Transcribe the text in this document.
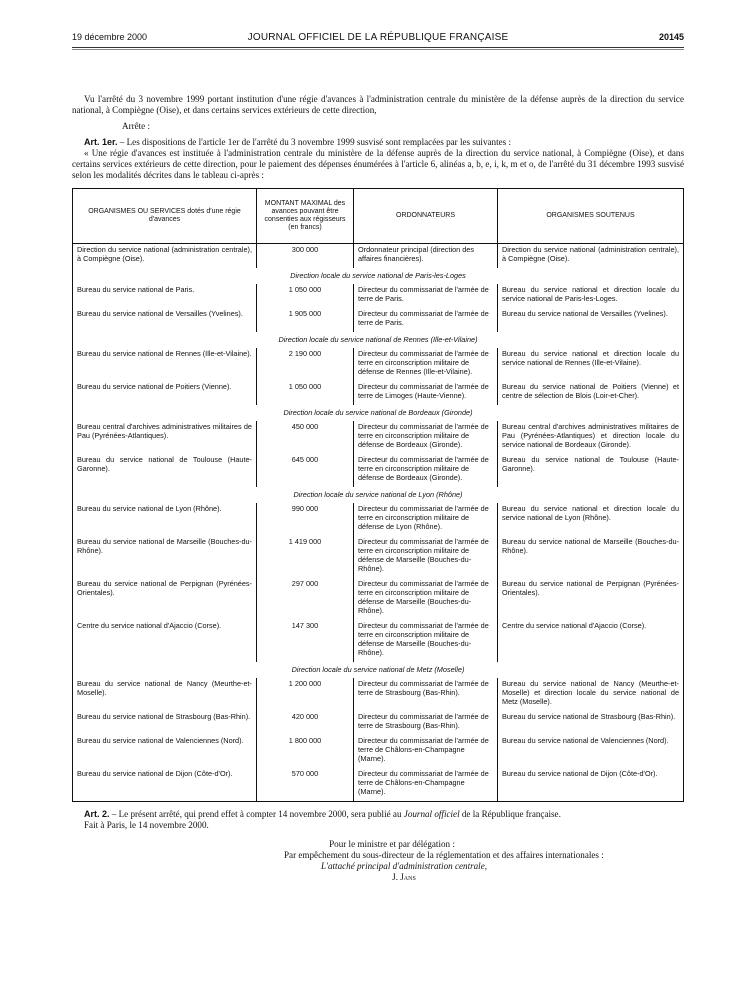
19 décembre 2000	JOURNAL OFFICIEL DE LA RÉPUBLIQUE FRANÇAISE	20145

Vu l'arrêté du 3 novembre 1999 portant institution d'une régie d'avances à l'administration centrale du ministère de la défense auprès de la direction du service national, à Compiègne (Oise), et dans certains services extérieurs de cette direction,

Arrête :

Art. 1er. – Les dispositions de l'article 1er de l'arrêté du 3 novembre 1999 susvisé sont remplacées par les suivantes :

« Une régie d'avances est instituée à l'administration centrale du ministère de la défense auprès de la direction du service national, à Compiègne (Oise), et dans certains services extérieurs de cette direction, pour le paiement des dépenses énumérées à l'article 6, alinéas a, b, e, i, k, m et o, de l'arrêté du 31 décembre 1993 susvisé selon les modalités décrites dans le tableau ci-après :

ORGANISMES OU SERVICES dotés d'une régie d'avances	MONTANT MAXIMAL des avances pouvant être consenties aux régisseurs (en francs)	ORDONNATEURS	ORGANISMES SOUTENUS
Direction du service national (administration centrale), à Compiègne (Oise).	300 000	Ordonnateur principal (direction des affaires financières).	Direction du service national (administration centrale), à Compiègne (Oise).
Direction locale du service national de Paris-les-Loges			
Bureau du service national de Paris.	1 050 000	Directeur du commissariat de l'armée de terre de Paris.	Bureau du service national et direction locale du service national de Paris-les-Loges.
Bureau du service national de Versailles (Yvelines).	1 905 000	Directeur du commissariat de l'armée de terre de Paris.	Bureau du service national de Versailles (Yvelines).
Direction locale du service national de Rennes (Ille-et-Vilaine)			
Bureau du service national de Rennes (Ille-et-Vilaine).	2 190 000	Directeur du commissariat de l'armée de terre en circonscription militaire de défense de Rennes (Ille-et-Vilaine).	Bureau du service national et direction locale du service national de Rennes (Ille-et-Vilaine).
Bureau du service national de Poitiers (Vienne).	1 050 000	Directeur du commissariat de l'armée de terre de Limoges (Haute-Vienne).	Bureau du service national de Poitiers (Vienne) et centre de sélection de Blois (Loir-et-Cher).
Direction locale du service national de Bordeaux (Gironde)			
Bureau central d'archives administratives militaires de Pau (Pyrénées-Atlantiques).	450 000	Directeur du commissariat de l'armée de terre en circonscription militaire de défense de Bordeaux (Gironde).	Bureau central d'archives administratives militaires de Pau (Pyrénées-Atlantiques) et direction locale du service national de Bordeaux (Gironde).
Bureau du service national de Toulouse (Haute-Garonne).	645 000	Directeur du commissariat de l'armée de terre en circonscription militaire de défense de Bordeaux (Gironde).	Bureau du service national de Toulouse (Haute-Garonne).
Direction locale du service national de Lyon (Rhône)			
Bureau du service national de Lyon (Rhône).	990 000	Directeur du commissariat de l'armée de terre en circonscription militaire de défense de Lyon (Rhône).	Bureau du service national et direction locale du service national de Lyon (Rhône).
Bureau du service national de Marseille (Bouches-du-Rhône).	1 419 000	Directeur du commissariat de l'armée de terre en circonscription militaire de défense de Marseille (Bouches-du-Rhône).	Bureau du service national de Marseille (Bouches-du-Rhône).
Bureau du service national de Perpignan (Pyrénées-Orientales).	297 000	Directeur du commissariat de l'armée de terre en circonscription militaire de défense de Marseille (Bouches-du-Rhône).	Bureau du service national de Perpignan (Pyrénées-Orientales).
Centre du service national d'Ajaccio (Corse).	147 300	Directeur du commissariat de l'armée de terre en circonscription militaire de défense de Marseille (Bouches-du-Rhône).	Centre du service national d'Ajaccio (Corse).
Direction locale du service national de Metz (Moselle)			
Bureau du service national de Nancy (Meurthe-et-Moselle).	1 200 000	Directeur du commissariat de l'armée de terre de Strasbourg (Bas-Rhin).	Bureau du service national de Nancy (Meurthe-et-Moselle) et direction locale du service national de Metz (Moselle).
Bureau du service national de Strasbourg (Bas-Rhin).	420 000	Directeur du commissariat de l'armée de terre de Strasbourg (Bas-Rhin).	Bureau du service national de Strasbourg (Bas-Rhin).
Bureau du service national de Valenciennes (Nord).	1 800 000	Directeur du commissariat de l'armée de terre de Châlons-en-Champagne (Marne).	Bureau du service national de Valenciennes (Nord).
Bureau du service national de Dijon (Côte-d'Or).	570 000	Directeur du commissariat de l'armée de terre de Châlons-en-Champagne (Marne).	Bureau du service national de Dijon (Côte-d'Or).

Art. 2. – Le présent arrêté, qui prend effet à compter 14 novembre 2000, sera publié au Journal officiel de la République française.

Fait à Paris, le 14 novembre 2000.

Pour le ministre et par délégation :
Par empêchement du sous-directeur de la réglementation et des affaires internationales :
L'attaché principal d'administration centrale,
J. Jans
